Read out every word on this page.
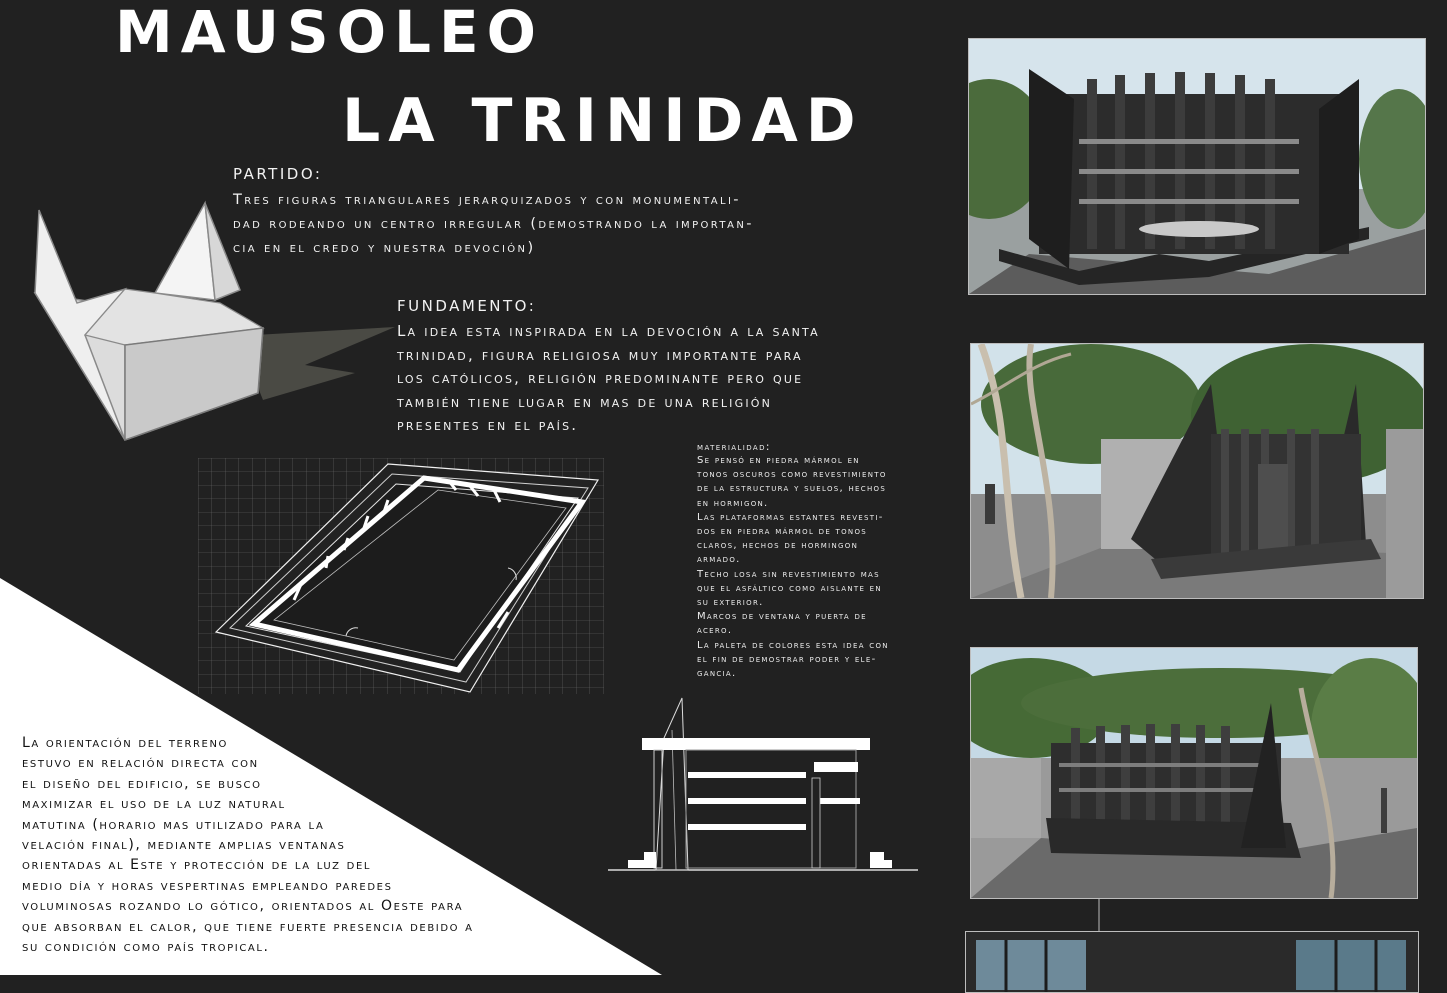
MAUSOLEO
LA TRINIDAD
PARTIDO:
Tres figuras triangulares jerarquizados y con monumentali-
dad rodeando un centro irregular (demostrando la importan-
cia en el credo y nuestra devoción)
FUNDAMENTO:
La idea esta inspirada en la devoción a la santa
trinidad, figura religiosa muy importante para
los católicos, religión predominante pero que
también tiene lugar en mas de una religión
presentes en el país.
materialidad:
Se pensó en piedra mármol en
tonos oscuros como revestimiento
de la estructura y suelos, hechos
en hormigon.
Las plataformas estantes revesti-
dos en piedra mármol de tonos
claros, hechos de hormingon
armado.
Techo losa sin revestimiento mas
que el asfáltico como aislante en
su exterior.
Marcos de ventana y puerta de
acero.
La paleta de colores esta idea con
el fin de demostrar poder y ele-
gancia.
La orientación del terreno
estuvo en relación directa con
el diseño del edificio, se busco
maximizar el uso de la luz natural
matutina (horario mas utilizado para la
velación final), mediante amplias ventanas
orientadas al Este y protección de la luz del
medio día y horas vespertinas empleando paredes
voluminosas rozando lo gótico, orientados al Oeste para
que absorban el calor, que tiene fuerte presencia debido a
su condición como país tropical.
